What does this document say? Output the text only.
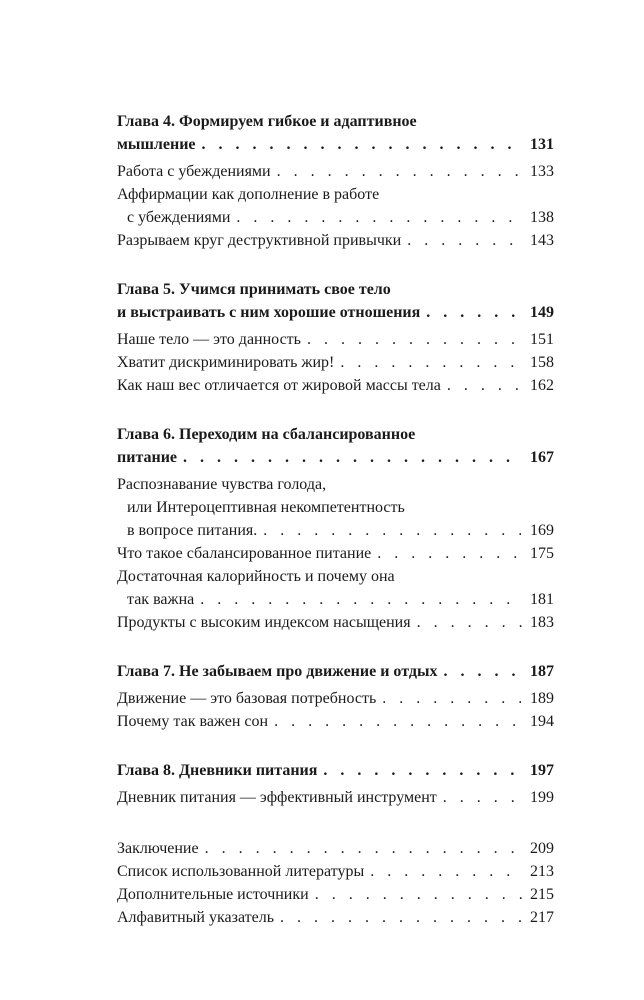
Глава 4. Формируем гибкое и адаптивное
мышление . . .	131
Работа с убеждениями . . .	133
Аффирмации как дополнение в работе
с убеждениями . . .	138
Разрываем круг деструктивной привычки . . .	143
Глава 5. Учимся принимать свое тело
и выстраивать с ним хорошие отношения . . .	149
Наше тело — это данность . . .	151
Хватит дискриминировать жир! . . .	158
Как наш вес отличается от жировой массы тела . . .	162
Глава 6. Переходим на сбалансированное
питание . . .	167
Распознавание чувства голода,
или Интероцептивная некомпетентность
в вопросе питания. . . .	169
Что такое сбалансированное питание . . .	175
Достаточная калорийность и почему она
так важна . . .	181
Продукты с высоким индексом насыщения . . .	183
Глава 7. Не забываем про движение и отдых . . .	187
Движение — это базовая потребность . . .	189
Почему так важен сон . . .	194
Глава 8. Дневники питания . . .	197
Дневник питания — эффективный инструмент . . .	199
Заключение . . .	209
Список использованной литературы . . .	213
Дополнительные источники . . .	215
Алфавитный указатель . . .	217
